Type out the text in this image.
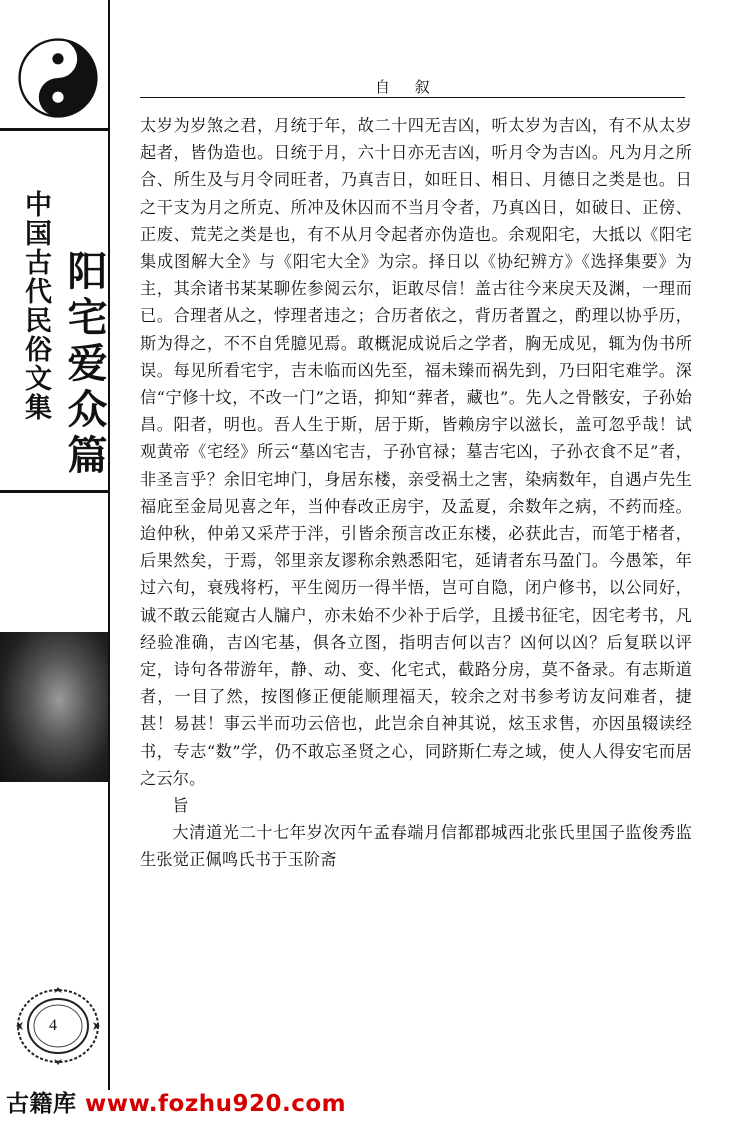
中国古代民俗文集 阳宅爱众篇
4
自 叙

太岁为岁煞之君，月统于年，故二十四无吉凶，听太岁为吉凶，有不从太岁起者，皆伪造也。日统于月，六十日亦无吉凶，听月令为吉凶。凡为月之所合、所生及与月令同旺者，乃真吉日，如旺日、相日、月德日之类是也。日之干支为月之所克、所冲及休囚而不当月令者，乃真凶日，如破日、正傍、正废、荒芜之类是也，有不从月令起者亦伪造也。余观阳宅，大抵以《阳宅集成图解大全》与《阳宅大全》为宗。择日以《协纪辨方》《选择集要》为主，其余诸书某某聊佐参阅云尔，讵敢尽信！盖古往今来戾天及渊，一理而已。合理者从之，悖理者违之；合历者依之，背历者置之，酌理以协乎历，斯为得之，不不自凭臆见焉。敢概泥成说后之学者，胸无成见，辄为伪书所误。每见所看宅宇，吉未临而凶先至，福未臻而祸先到，乃曰阳宅难学。深信“宁修十坟，不改一门”之语，抑知“葬者，藏也”。先人之骨骸安，子孙始昌。阳者，明也。吾人生于斯，居于斯，皆赖房宇以滋长，盖可忽乎哉！试观黄帝《宅经》所云“墓凶宅吉，子孙官禄；墓吉宅凶，子孙衣食不足”者，非圣言乎？余旧宅坤门，身居东楼，亲受祸土之害，染病数年，自遇卢先生福庇至金局见喜之年，当仲春改正房宇，及孟夏，余数年之病，不药而痊。迨仲秋，仲弟又采芹于泮，引皆余预言改正东楼，必获此吉，而笔于楮者，后果然矣，于焉，邻里亲友谬称余熟悉阳宅，延请者东马盈门。今愚笨，年过六旬，衰残将朽，平生阅历一得半悟，岂可自隐，闭户修书，以公同好，诚不敢云能窥古人牖户，亦未始不少补于后学，且援书征宅，因宅考书，凡经验准确，吉凶宅基，俱各立图，指明吉何以吉？凶何以凶？后复联以评定，诗句各带游年，静、动、变、化宅式，截路分房，莫不备录。有志斯道者，一目了然，按图修正便能顺理福天，较余之对书参考访友问难者，捷甚！易甚！事云半而功云倍也，此岂余自神其说，炫玉求售，亦因虽辍读经书，专志“数”学，仍不敢忘圣贤之心，同跻斯仁寿之域，使人人得安宅而居之云尔。

旨

大清道光二十七年岁次丙午孟春端月信都郡城西北张氏里国子监俊秀监生张觉正佩鸣氏书于玉阶斋

古籍库 www.fozhu920.com
